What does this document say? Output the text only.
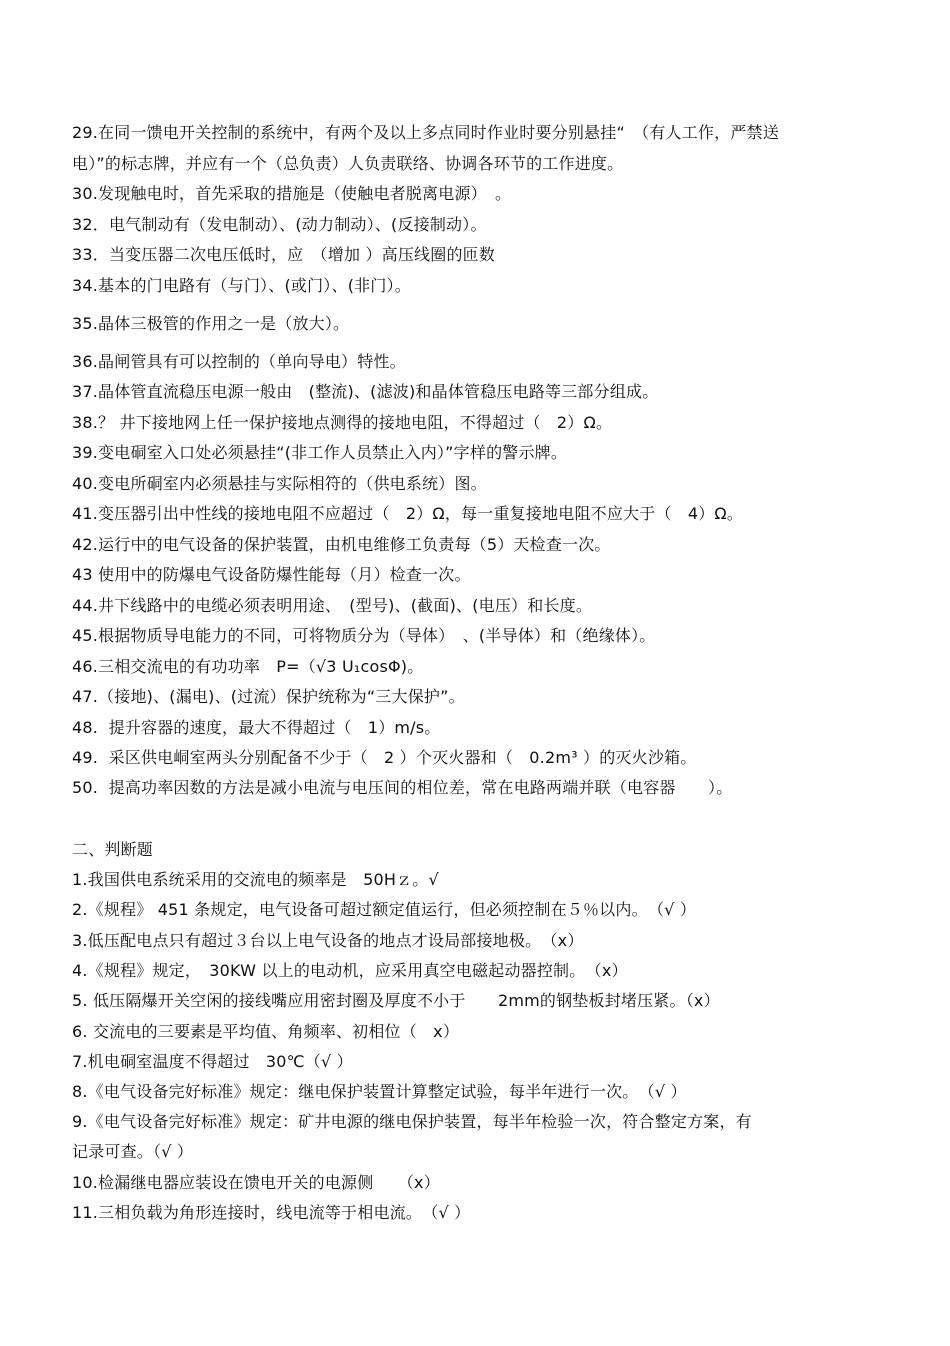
29.在同一馈电开关控制的系统中，有两个及以上多点同时作业时要分别悬挂“　（有人工作，严禁送
电）”的标志牌，并应有一个（总负责）人负责联络、协调各环节的工作进度。
30.发现触电时，首先采取的措施是（使触电者脱离电源）　。
32．电气制动有（发电制动）、(动力制动）、(反接制动）。
33．当变压器二次电压低时，应　（增加 ）高压线圈的匝数
34.基本的门电路有（与门）、(或门）、(非门）。
35.晶体三极管的作用之一是（放大）。
36.晶闸管具有可以控制的（单向导电）特性。
37.晶体管直流稳压电源一般由　(整流)、(滤波)和晶体管稳压电路等三部分组成。
38.？ 井下接地网上任一保护接地点测得的接地电阻，不得超过（　2）Ω。
39.变电硐室入口处必须悬挂“(非工作人员禁止入内）”字样的警示牌。
40.变电所硐室内必须悬挂与实际相符的（供电系统）图。
41.变压器引出中性线的接地电阻不应超过（　2）Ω，每一重复接地电阻不应大于（　4）Ω。
42.运行中的电气设备的保护装置，由机电维修工负责每（5）天检查一次。
43 使用中的防爆电气设备防爆性能每（月）检查一次。
44.井下线路中的电缆必须表明用途、　(型号)、(截面)、(电压）和长度。
45.根据物质导电能力的不同，可将物质分为（导体）　、(半导体）和（绝缘体）。
46.三相交流电的有功功率　P=（√3 U₁cosΦ)。
47.（接地)、(漏电)、(过流）保护统称为“三大保护”。
48.  提升容器的速度，最大不得超过（　1）m/s。
49.  采区供电峒室两头分别配备不少于（　2 ）个灭火器和（　0.2m³ ）的灭火沙箱。
50.  提高功率因数的方法是减小电流与电压间的相位差，常在电路两端并联（电容器　　）。
二、判断题
1.我国供电系统采用的交流电的频率是　50Hｚ。√
2.《规程》 451 条规定，电气设备可超过额定值运行，但必须控制在５％以内。　（√ ）
3.低压配电点只有超过３台以上电气设备的地点才设局部接地极。　（x）
4.《规程》规定，　30KW 以上的电动机，应采用真空电磁起动器控制。　（x）
5. 低压隔爆开关空闲的接线嘴应用密封圈及厚度不小于　　2mm的钢垫板封堵压紧。（x）
6. 交流电的三要素是平均值、角频率、初相位（　x）
7.机电硐室温度不得超过　30℃（√ ）
8.《电气设备完好标准》规定：继电保护装置计算整定试验，每半年进行一次。　（√ ）
9.《电气设备完好标准》规定：矿井电源的继电保护装置，每半年检验一次，符合整定方案，有
记录可查。（√ ）
10.检漏继电器应装设在馈电开关的电源侧　　（x）
11.三相负载为角形连接时，线电流等于相电流。　（√ ）
